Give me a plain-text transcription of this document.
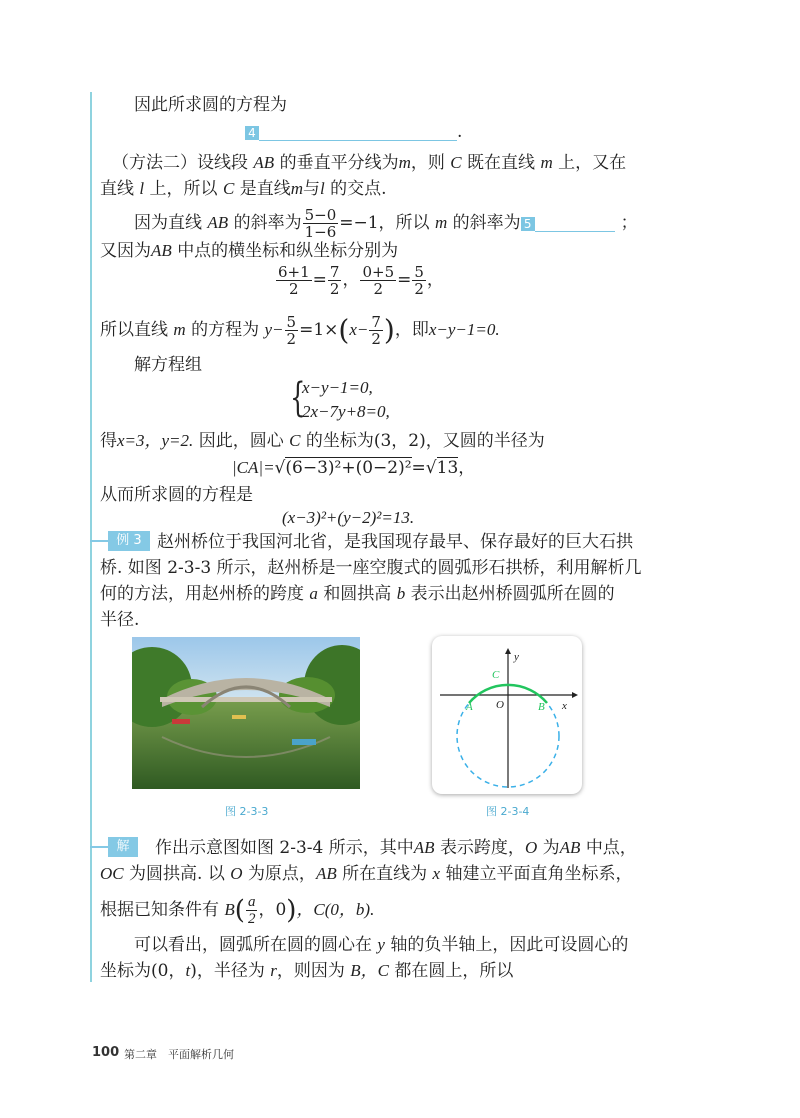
因此所求圆的方程为
4	.
（方法二）设线段 AB 的垂直平分线为m，则 C 既在直线 m 上，又在
直线 l 上，所以 C 是直线m与l 的交点.
因为直线 AB 的斜率为 $\frac{5-0}{1-6} =-1$，所以 m 的斜率为 5	；
又因为AB 中点的横坐标和纵坐标分别为
$\frac{6+1}{2} = \frac{7}{2}$ ， $\frac{0+5}{2} = \frac{5}{2}$ ，
所以直线 m 的方程为 $y- \frac{5}{2} =1\times(x- \frac{7}{2}$ )，即x−y−1=0.
解方程组
{
x−y−1=0,
2x−7y+8=0,
得x=3，y=2. 因此，圆心 C 的坐标为(3，2)，又圆的半径为
|CA|=√(6−3)²+(0−2)²=√13，
从而所求圆的方程是
(x−3)²+(y−2)²=13.
例 3 赵州桥位于我国河北省，是我国现存最早、保存最好的巨大石拱
桥. 如图 2-3-3 所示，赵州桥是一座空腹式的圆弧形石拱桥，利用解析几
何的方法，用赵州桥的跨度 a 和圆拱高 b 表示出赵州桥圆弧所在圆的
半径.
y
x
C
O
A	B
图 2-3-3	图 2-3-4
解	作出示意图如图 2-3-4 所示，其中AB 表示跨度，O 为AB 中点，
OC 为圆拱高. 以 O 为原点，AB 所在直线为 x 轴建立平面直角坐标系，
根据已知条件有 $B( \frac{a}{2}$ ，0)，C(0，b).
可以看出，圆弧所在圆的圆心在 y 轴的负半轴上，因此可设圆心的
坐标为(0，t)，半径为 r，则因为 B，C 都在圆上，所以
100 第二章　平面解析几何
